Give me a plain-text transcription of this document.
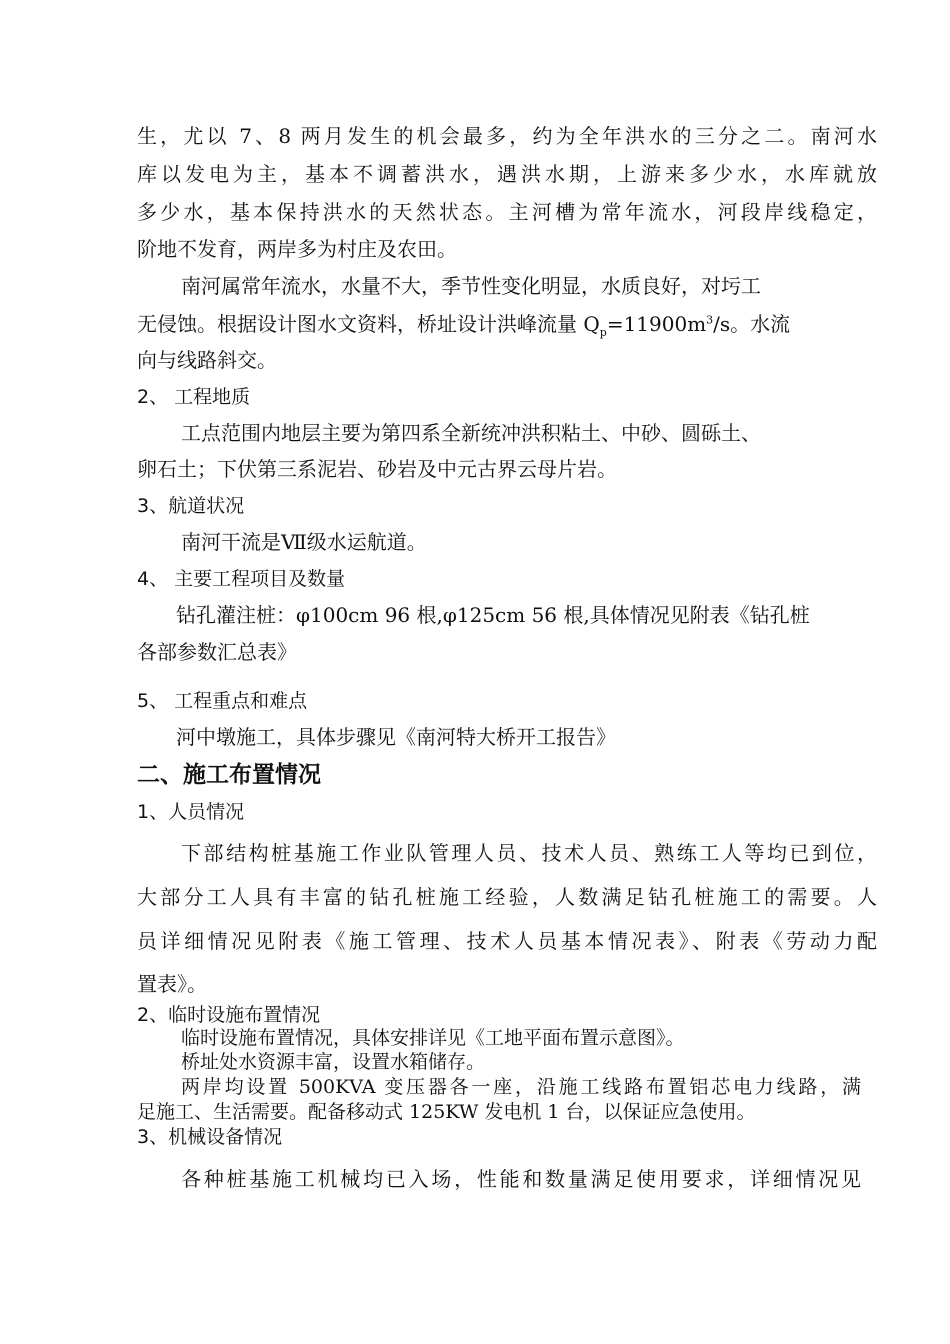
生，尤以 7、8 两月发生的机会最多，约为全年洪水的三分之二。南河水
库以发电为主，基本不调蓄洪水，遇洪水期，上游来多少水，水库就放
多少水，基本保持洪水的天然状态。主河槽为常年流水，河段岸线稳定，
阶地不发育，两岸多为村庄及农田。
南河属常年流水，水量不大，季节性变化明显，水质良好，对圬工
无侵蚀。根据设计图水文资料，桥址设计洪峰流量 $Q_p=11900m^3/s$。水流
向与线路斜交。
2、 工程地质
工点范围内地层主要为第四系全新统冲洪积粘土、中砂、圆砾土、
卵石土；下伏第三系泥岩、砂岩及中元古界云母片岩。
3、航道状况
南河干流是Ⅶ级水运航道。
4、 主要工程项目及数量
钻孔灌注桩：φ100cm 96 根,φ125cm 56 根,具体情况见附表《钻孔桩
各部参数汇总表》
5、 工程重点和难点
河中墩施工，具体步骤见《南河特大桥开工报告》
二、施工布置情况
1、人员情况
下部结构桩基施工作业队管理人员、技术人员、熟练工人等均已到位，
大部分工人具有丰富的钻孔桩施工经验，人数满足钻孔桩施工的需要。人
员详细情况见附表《施工管理、技术人员基本情况表》、附表《劳动力配
置表》。
2、临时设施布置情况
临时设施布置情况，具体安排详见《工地平面布置示意图》。
桥址处水资源丰富，设置水箱储存。
两岸均设置 500KVA 变压器各一座，沿施工线路布置铝芯电力线路，满
足施工、生活需要。配备移动式 125KW 发电机 1 台，以保证应急使用。
3、机械设备情况
各种桩基施工机械均已入场，性能和数量满足使用要求，详细情况见
